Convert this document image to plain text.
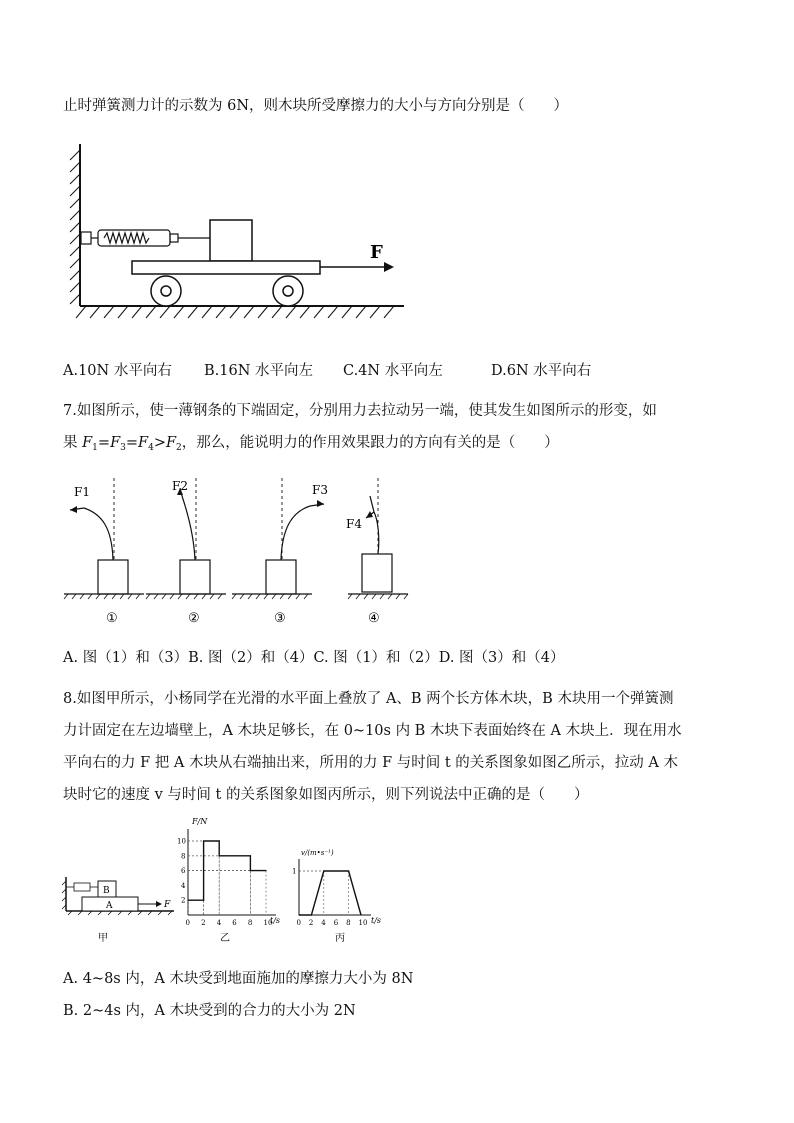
止时弹簧测力计的示数为 6N，则木块所受摩擦力的大小与方向分别是（　　）
F
A.10N 水平向右 B.16N 水平向左 C.4N 水平向左	D.6N 水平向右
7.如图所示，使一薄钢条的下端固定，分别用力去拉动另一端，使其发生如图所示的形变，如
果 $F_1=F_3=F_4>F_2$，那么，能说明力的作用效果跟力的方向有关的是（　　）
F1	F2	F3
F4
①	②	③	④
A. 图（1）和（3）B. 图（2）和（4）C. 图（1）和（2）D. 图（3）和（4）
8.如图甲所示，小杨同学在光滑的水平面上叠放了 A、B 两个长方体木块，B 木块用一个弹簧测
力计固定在左边墙壁上，A 木块足够长，在 0~10s 内 B 木块下表面始终在 A 木块上．现在用水
平向右的力 F 把 A 木块从右端抽出来，所用的力 F 与时间 t 的关系图象如图乙所示，拉动 A 木
块时它的速度 v 与时间 t 的关系图象如图丙所示，则下列说法中正确的是（　　）
B
A	F
甲
0 2 4 6 8 10
10
8
6
4
2
F/N
t/s
乙
0 2 4 6 8 10
1
v/(m•s⁻¹)
t/s
丙
A. 4~8s 内，A 木块受到地面施加的摩擦力大小为 8N
B. 2~4s 内，A 木块受到的合力的大小为 2N
